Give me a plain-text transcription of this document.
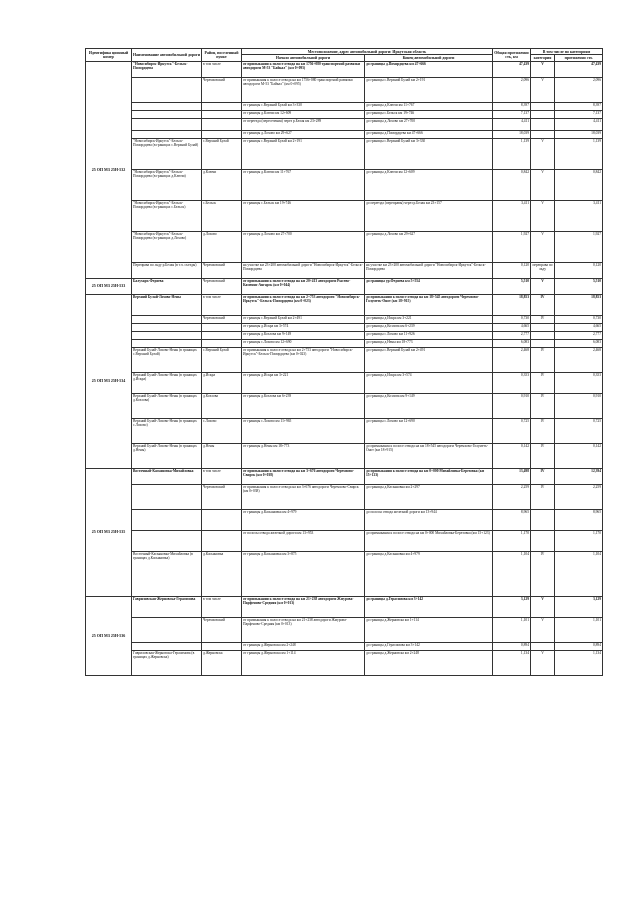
Идентифика ционный номер	Наименование автомобильной дороги	Район, поселенный пункт	Местоположение, адрес автомобильной дороги: Иркутская область		Общая протяженно сть, км	В том числе по категориям	
			Начало автомобильной дороги	Конец автомобильной дороги		категория	протяженно сть
25 ОП МЗ 25Н-532	"Новосибирск-Иркутск"-Бельск-Помордцева	в том числе	от примыкания к полосе отвода на км 1756+080 транспортной развязки автодороги М-53 "Байкал" (км 0+095)	до границы д.Помордцева км 47+666	47,439	V	47,439
		Черемховский	от примыкания к полосе отвода на км 1756+080 транспортной развязки автодороги М-53 "Байкал" (км 0+095)	до границы с.Верхний Булай км 2+191	2,096	V	2,096
			от границы с.Верхний Булай км 3+330	до границы д.Ключи км 11+767	8,397		8,397
			от границы д.Ключи км 12+609	до границы с.Бельск км 19+746	7,137		7,137
			от переезда (пересечения) через р.Белая км 23+289	до границы д.Лохово км 27+700	4,411		4,411
			от границы д.Лохово км 29+627	до границы д.Помордцева км 47+666	18,039		18,039
	"Новосибирск-Иркутск"-Бельск-Помордцева (в границах с.Верхний Булай)	с.Верхний Булай	от границы с.Верхний Булай км 2+191	до границы с.Верхний Булай км 3+330	1,139	V	1,139
	"Новосибирск-Иркутск"-Бельск-Помордцева (в границах д.Ключи)	д.Ключи	от границы д.Ключи км 11+767	до границы д.Ключи км 12+609	0,842	V	0,842
	"Новосибирск-Иркутск"-Бельск-Помордцева (в границах с.Бельск)	с.Бельск	от границы с.Бельск км 19+746	до переезда (переправы) через р.Белая км 23+157	3,411	V	3,411
	"Новосибирск-Иркутск"-Бельск-Помордцева (в границах д.Лохово)	д.Лохово	от границы д.Лохово км 27+700	до границы д.Лохово км 29+627	1,927	V	1,927
	Переправа по льду р.Белая (в т.ч. съезды)	Черемховский	на участке км 23+200 автомобильной дороги "Новосибирск-Иркутск"-Бельск-Помордцева	на участке км 23+200 автомобильной дороги "Новосибирск-Иркутск"-Бельск-Помордцева	0,120	переправа по льду	0,120
25 ОП МЗ 25Н-533	Балухарь-Федяева	Черемховский	от примыкания к полосе отвода на км 20+413 автодороги Рысево-Каменно-Ангарск (км 0+044)	до границы ур.Федяева км 5+554	5,510	V	5,510
25 ОП МЗ 25Н-534	Верхний Булай-Лохово-Нены	в том числе	от примыкания к полосе отвода на км 2+753 автодороги "Новосибирск-Иркутск"-Бельск-Помордцева (км 0+023)	до примыкания к полосе отвода на км 18+545 автодороги Черемхово-Голуметь-Онот (км 18+915)	18,853	IV	18,853
		Черемховский	от границы с.Верхний Булай км 2+491	до границы д.Искра км 3+221	0,730	IV	0,730
			от границы д.Искра км 3+574	до границы д.Козлова км 6+239	4,665		4,665
			от границы д.Козлова км 9+149	до границы с.Лохово км 11+926	2,777		2,777
			от границы с.Лохово км 12+690	до границы д.Нены км 18+773	6,083		6,083
	Верхний Булай-Лохово-Нены (в границах с.Верхний Булай)	с.Верхний Булай	от примыкания к полосе отвода на км 2+753 автодороги "Новосибирск-Иркутск"-Бельск-Помордцева (км 0+023)	до границы с.Верхний Булай км 2+491	2,468	IV	2,468
	Верхний Булай-Лохово-Нены (в границах д.Искра)	д.Искра	от границы д.Искра км 3+221	до границы д.Искра км 3+574	0,353	IV	0,353
	Верхний Булай-Лохово-Нены (в границах д.Козлова)	д.Козлова	от границы д.Козлова км 6+239	до границы д.Козлова км 9+149	0,910	IV	0,910
	Верхний Булай-Лохово-Нены (в границах с.Лохово)	с.Лохово	от границы с.Лохово км 11+965	до границы с.Лохово км 12+690	0,725	IV	0,725
	Верхний Булай-Лохово-Нены (в границах д.Нены)	д.Нены	от границы д.Нены км 18+773	до примыкания к полосе отвода на км 18+545 автодороги Черемхово-Голуметь-Онот (км 18+915)	0,142	IV	0,142
25 ОП МЗ 25Н-535	Восточный-Касьяновка-Михайловка	в том числе	от примыкания к полосе отвода на км 3+676 автодороги Черемхово-Свирск (км 0+038)	до примыкания к полосе отвода на км 0+000 Михайловка-Березовка (км 15+123)	13,498	IV	12,394
		Черемховский	от примыкания к полосе отвода на км 3+676 автодороги Черемхово-Свирск (км 0+038)	до границы д.Касьяновка км 2+297	2,259	IV	2,259
			от границы д.Касьяновка км 4+979	до полосы отвода железной дороги км 13+944	8,965		8,965
			от полосы отвода железной дороги км 13+953	до примыкания к полосе отвода на км 0+000 Михайловка-Березовка (км 15+123)	1,170		1,170
	Восточный-Касьяновка-Михайловка (в границах д.Касьяновка)	д.Касьяновка	от границы д.Касьяновка км 3+875	до границы д.Касьяновка км 4+979	1,104	IV	1,104
25 ОП МЗ 25Н-536	Гавриловская-Жерновска-Герасимова	в том числе	от примыкания к полосе отвода на км 21+238 автодороги Жмурова-Парфеново-Средняя (км 0+013)	до границы д.Герасимова км 3+142	3,129	V	3,129
		Черемховский	от примыкания к полосе отвода на км 21+238 автодороги Жмурова-Парфеново-Средняя (км 0+013)	до границы д.Жерновска км 1+114	1,101	V	1,101
			от границы д.Жерновска км 2+248	до границы д.Герасимова км 3+142	0,894		0,894
	Гавриловская-Жерновска-Герасимова (в границах д.Жерновска)	д.Жерновска	от границы д.Жерновска км 1+114	до границы д.Жерновска км 2+248	1,134	V	1,134
